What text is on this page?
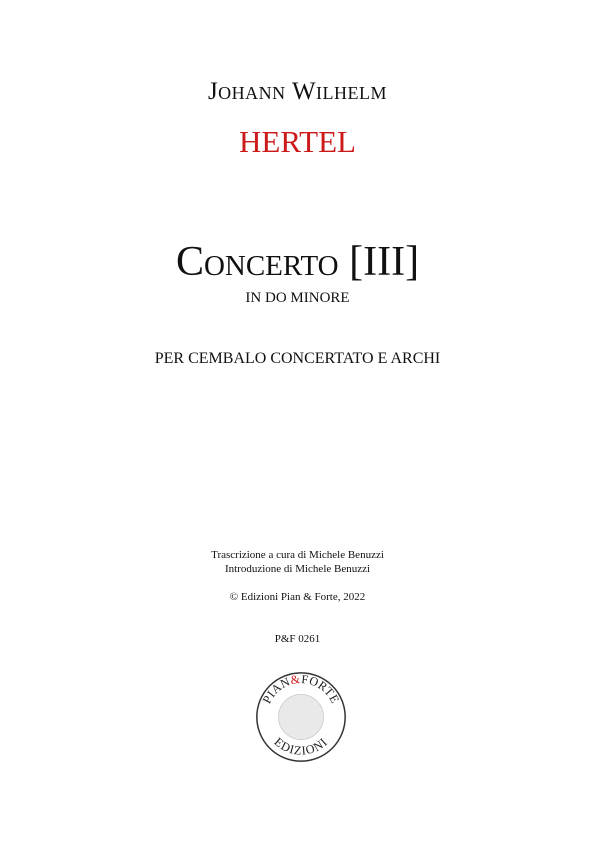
Johann Wilhelm
HERTEL
Concerto [III]
IN DO MINORE
PER CEMBALO CONCERTATO E ARCHI
Trascrizione a cura di Michele Benuzzi
Introduzione di Michele Benuzzi
© Edizioni Pian & Forte, 2022
P&F 0261
PIAN&FORTE
EDIZIONI
